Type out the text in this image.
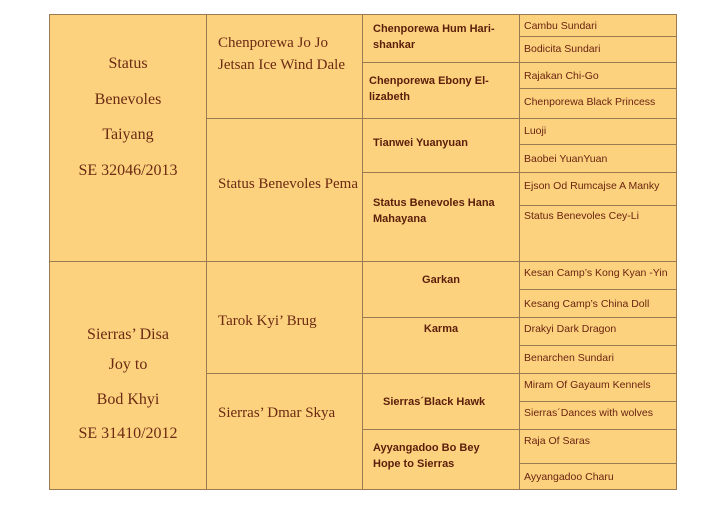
Status
Benevoles
Taiyang
SE 32046/2013
Sierras’ Disa
Joy to
Bod Khyi
SE 31410/2012
Chenporewa Jo Jo Jetsan Ice Wind Dale
Status Benevoles Pema
Tarok Kyi’ Brug
Sierras’ Dmar Skya
Chenporewa Hum Hari-shankar
Chenporewa Ebony El-lizabeth
Tianwei Yuanyuan
Status Benevoles Hana Mahayana
Garkan
Karma
Sierras´Black Hawk
Ayyangadoo Bo Bey Hope to Sierras
Cambu Sundari
Bodicita Sundari
Rajakan Chi-Go
Chenporewa Black Princess
Luoji
Baobei YuanYuan
Ejson Od Rumcajse A Manky
Status Benevoles Cey-Li
Kesan Camp’s Kong Kyan -Yin
Kesang Camp’s China Doll
Drakyi Dark Dragon
Benarchen Sundari
Miram Of Gayaum Kennels
Sierras´Dances with wolves
Raja Of Saras
Ayyangadoo Charu
